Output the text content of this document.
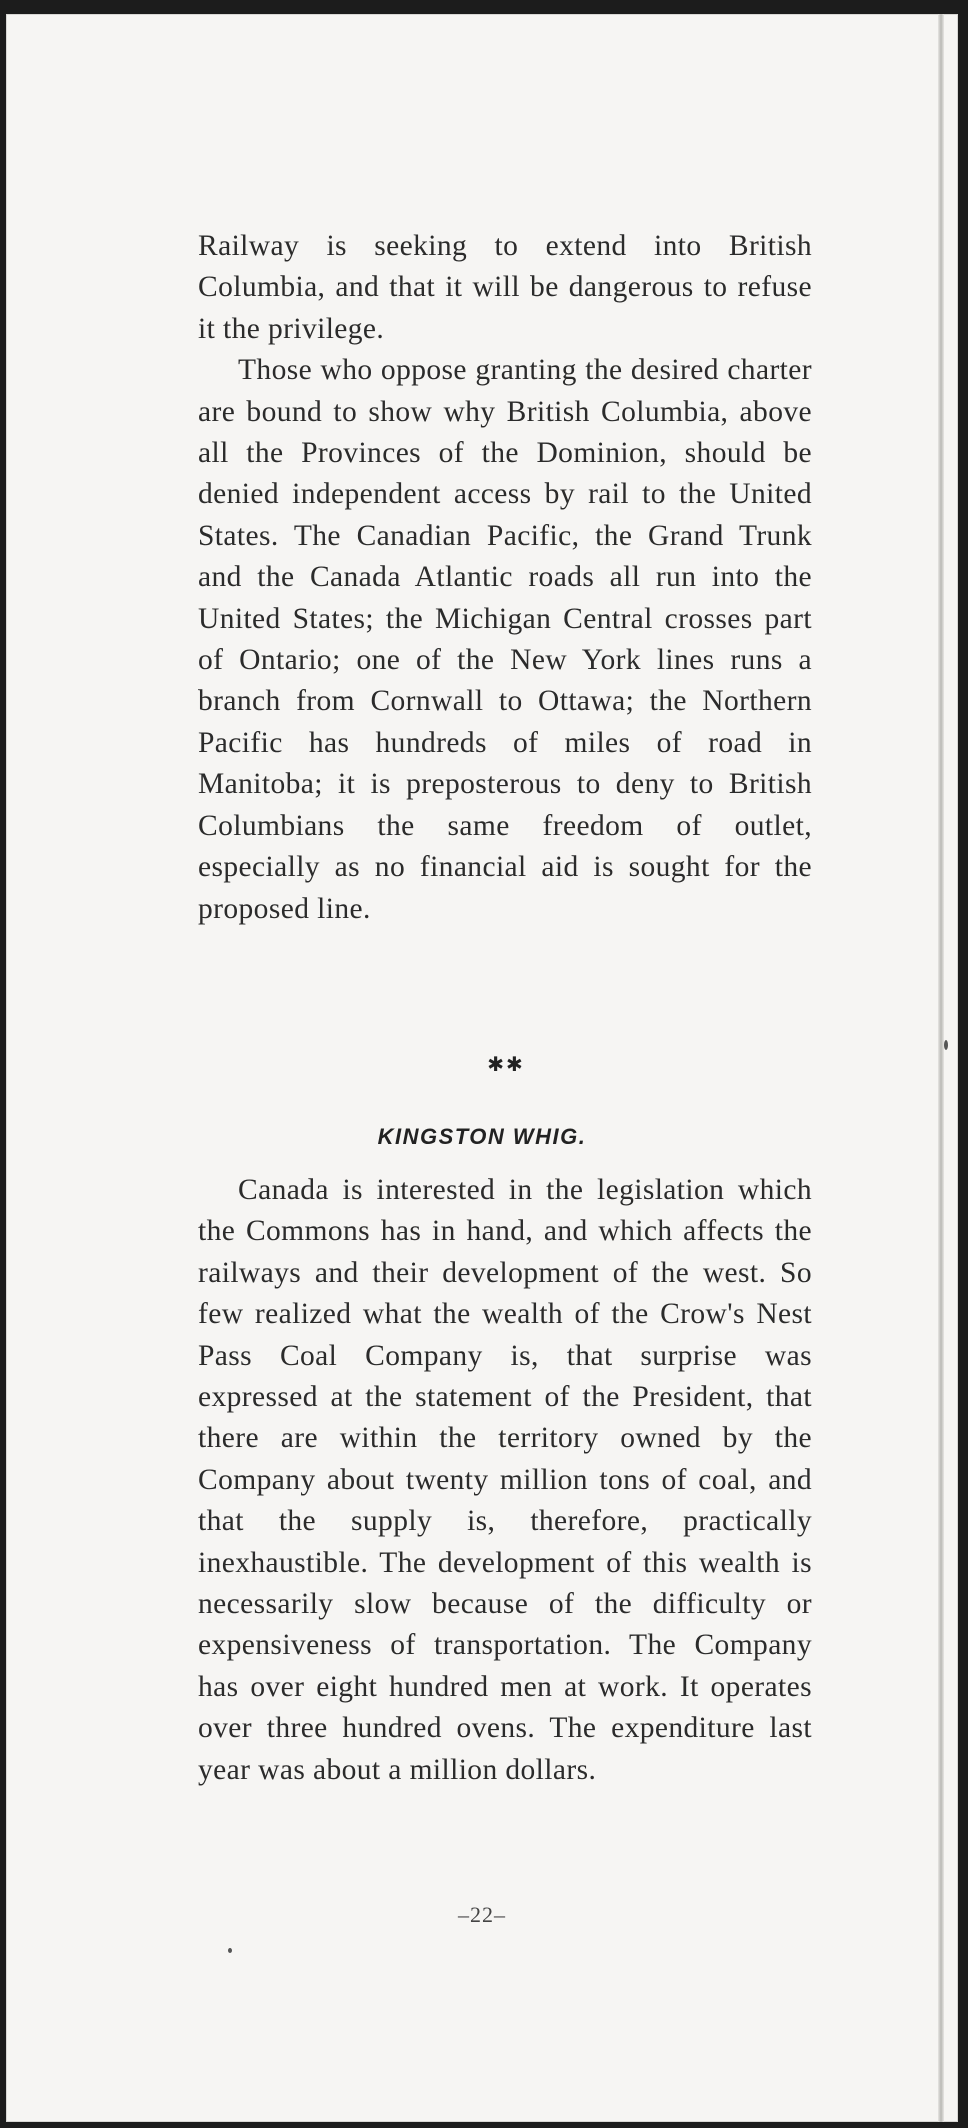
Railway is seeking to extend into British Columbia, and that it will be dangerous to refuse it the privilege.

Those who oppose granting the desired charter are bound to show why British Columbia, above all the Provinces of the Dominion, should be denied independent access by rail to the United States. The Canadian Pacific, the Grand Trunk and the Canada Atlantic roads all run into the United States; the Michigan Central crosses part of Ontario; one of the New York lines runs a branch from Cornwall to Ottawa; the Northern Pacific has hundreds of miles of road in Manitoba; it is preposterous to deny to British Columbians the same freedom of outlet, especially as no financial aid is sought for the proposed line.

✱✱
KINGSTON WHIG.

Canada is interested in the legislation which the Commons has in hand, and which affects the railways and their development of the west. So few realized what the wealth of the Crow's Nest Pass Coal Company is, that surprise was expressed at the statement of the President, that there are within the territory owned by the Company about twenty million tons of coal, and that the supply is, therefore, practically inexhaustible. The development of this wealth is necessarily slow because of the difficulty or expensiveness of transportation. The Company has over eight hundred men at work. It operates over three hundred ovens. The expenditure last year was about a million dollars.

–22–
